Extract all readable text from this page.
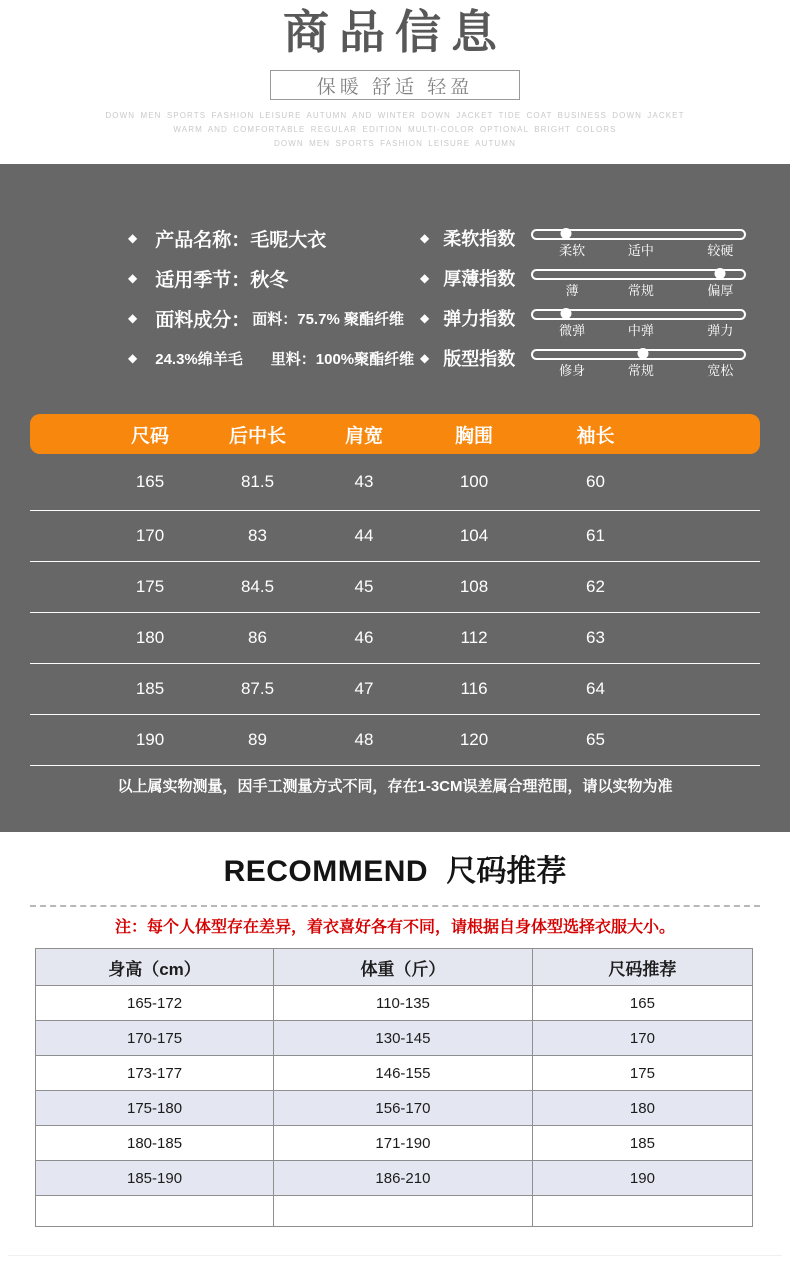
商品信息
保暖 舒适 轻盈
DOWN MEN SPORTS FASHION LEISURE AUTUMN AND WINTER DOWN JACKET TIDE COAT BUSINESS DOWN JACKET
WARM AND COMFORTABLE REGULAR EDITION MULTI-COLOR OPTIONAL BRIGHT COLORS
DOWN MEN SPORTS FASHION LEISURE AUTUMN
◆ 产品名称： 毛呢大衣
◆ 适用季节： 秋冬
◆ 面料成分： 面料：75.7% 聚酯纤维
◆ 24.3%绵羊毛 里料：100%聚酯纤维
◆ 柔软指数
柔软	适中	较硬
◆ 厚薄指数
薄	常规	偏厚
◆ 弹力指数
微弹	中弹	弹力
◆ 版型指数
修身	常规	宽松
尺码	后中长	肩宽	胸围	袖长
165	81.5	43	100	60
170	83	44	104	61
175	84.5	45	108	62
180	86	46	112	63
185	87.5	47	116	64
190	89	48	120	65
以上属实物测量，因手工测量方式不同，存在1-3CM误差属合理范围，请以实物为准
RECOMMEND 尺码推荐
注：每个人体型存在差异，着衣喜好各有不同，请根据自身体型选择衣服大小。
身高（cm）	体重（斤）	尺码推荐
165-172	110-135	165
170-175	130-145	170
173-177	146-155	175
175-180	156-170	180
180-185	171-190	185
185-190	186-210	190
